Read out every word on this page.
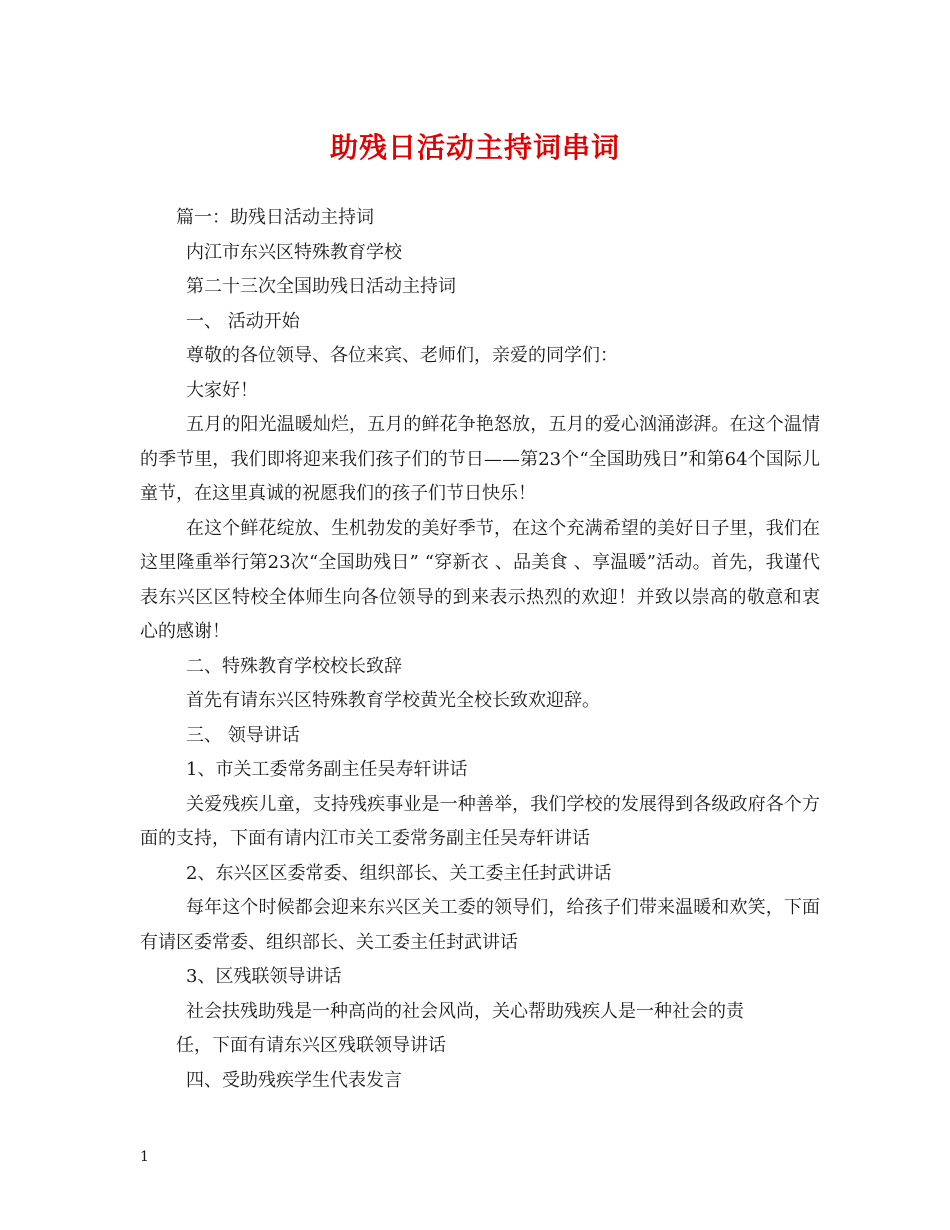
助残日活动主持词串词

篇一：助残日活动主持词

内江市东兴区特殊教育学校

第二十三次全国助残日活动主持词

一、 活动开始

尊敬的各位领导、各位来宾、老师们，亲爱的同学们：

大家好！

五月的阳光温暖灿烂，五月的鲜花争艳怒放，五月的爱心汹涌澎湃。在这个温情的季节里，我们即将迎来我们孩子们的节日——第23个“全国助残日”和第64个国际儿童节，在这里真诚的祝愿我们的孩子们节日快乐！

在这个鲜花绽放、生机勃发的美好季节，在这个充满希望的美好日子里，我们在这里隆重举行第23次“全国助残日” “穿新衣 、品美食 、享温暖”活动。首先，我谨代表东兴区区特校全体师生向各位领导的到来表示热烈的欢迎！并致以崇高的敬意和衷心的感谢！

二、特殊教育学校校长致辞

首先有请东兴区特殊教育学校黄光全校长致欢迎辞。

三、 领导讲话

1、市关工委常务副主任吴寿轩讲话

关爱残疾儿童，支持残疾事业是一种善举，我们学校的发展得到各级政府各个方面的支持，下面有请内江市关工委常务副主任吴寿轩讲话

2、东兴区区委常委、组织部长、关工委主任封武讲话

每年这个时候都会迎来东兴区关工委的领导们，给孩子们带来温暖和欢笑，下面有请区委常委、组织部长、关工委主任封武讲话

3、区残联领导讲话

社会扶残助残是一种高尚的社会风尚，关心帮助残疾人是一种社会的责

任，下面有请东兴区残联领导讲话

四、受助残疾学生代表发言

1
